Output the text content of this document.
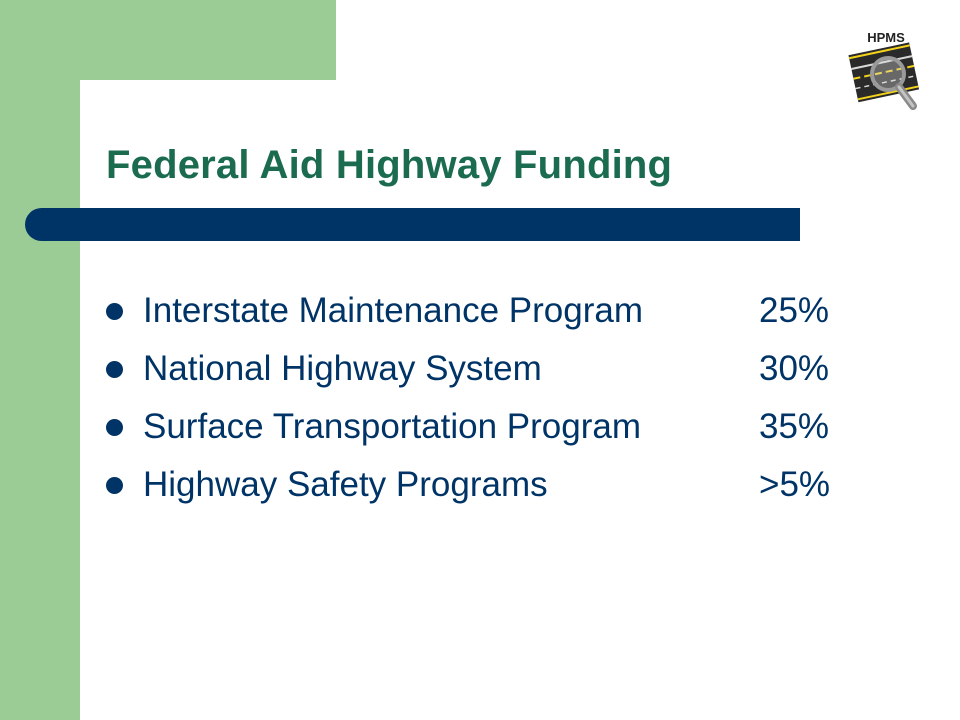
Federal Aid Highway Funding
Interstate Maintenance Program	25%
National Highway System	30%
Surface Transportation Program	35%
Highway Safety Programs	>5%
HPMS
